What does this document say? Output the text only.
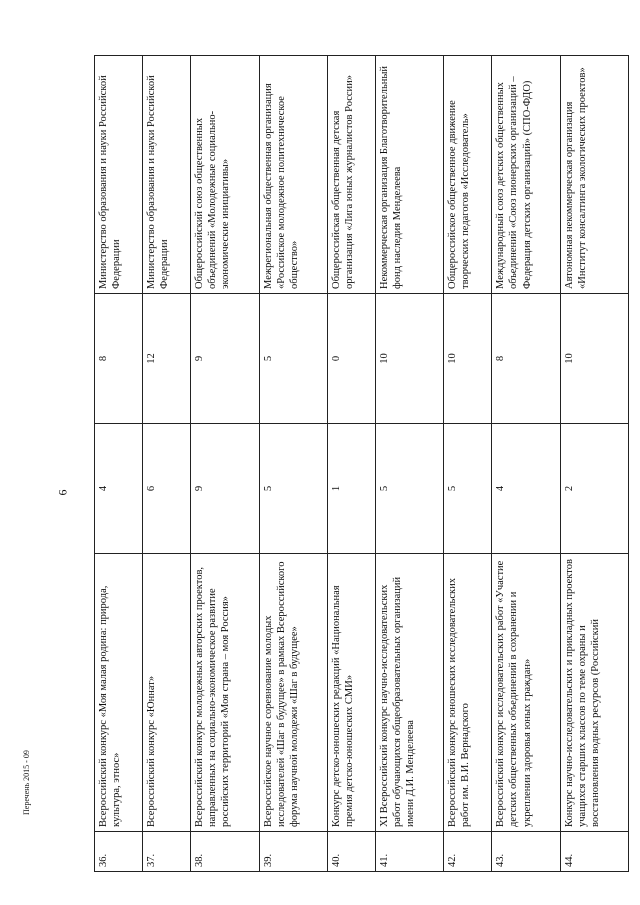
6
Перечень 2015 - 09
36.	Всероссийский конкурс «Моя малая родина: природа, культура, этнос»	4	8	Министерство образования и науки Российской Федерации
37.	Всероссийский конкурс «Юннат»	6	12	Министерство образования и науки Российской Федерации
38.	Всероссийский конкурс молодежных авторских проектов, направленных на социально-экономическое развитие российских территорий «Моя страна – моя Россия»	9	9	Общероссийский союз общественных объединений «Молодежные социально-экономические инициативы»
39.	Всероссийское научное соревнование молодых исследователей «Шаг в будущее» в рамках Всероссийского форума научной молодежи «Шаг в будущее»	5	5	Межрегиональная общественная организация «Российское молодежное политехническое общество»
40.	Конкурс детско-юношеских редакций «Национальная премия детско-юношеских СМИ»	1	0	Общероссийская общественная детская организация «Лига юных журналистов России»
41.	XI Всероссийский конкурс научно-исследовательских работ обучающихся общеобразовательных организаций имени Д.И. Менделеева	5	10	Некоммерческая организация Благотворительный фонд наследия Менделеева
42.	Всероссийский конкурс юношеских исследовательских работ им. В.И. Вернадского	5	10	Общероссийское общественное движение творческих педагогов «Исследователь»
43.	Всероссийский конкурс исследовательских работ «Участие детских общественных объединений в сохранении и укреплении здоровья юных граждан»	4	8	Международный союз детских общественных объединений «Союз пионерских организаций – Федерация детских организаций» (СПО-ФДО)
44.	Конкурс научно-исследовательских и прикладных проектов учащихся старших классов по теме охраны и восстановления водных ресурсов (Российский	2	10	Автономная некоммерческая организация «Институт консалтинга экологических проектов»
